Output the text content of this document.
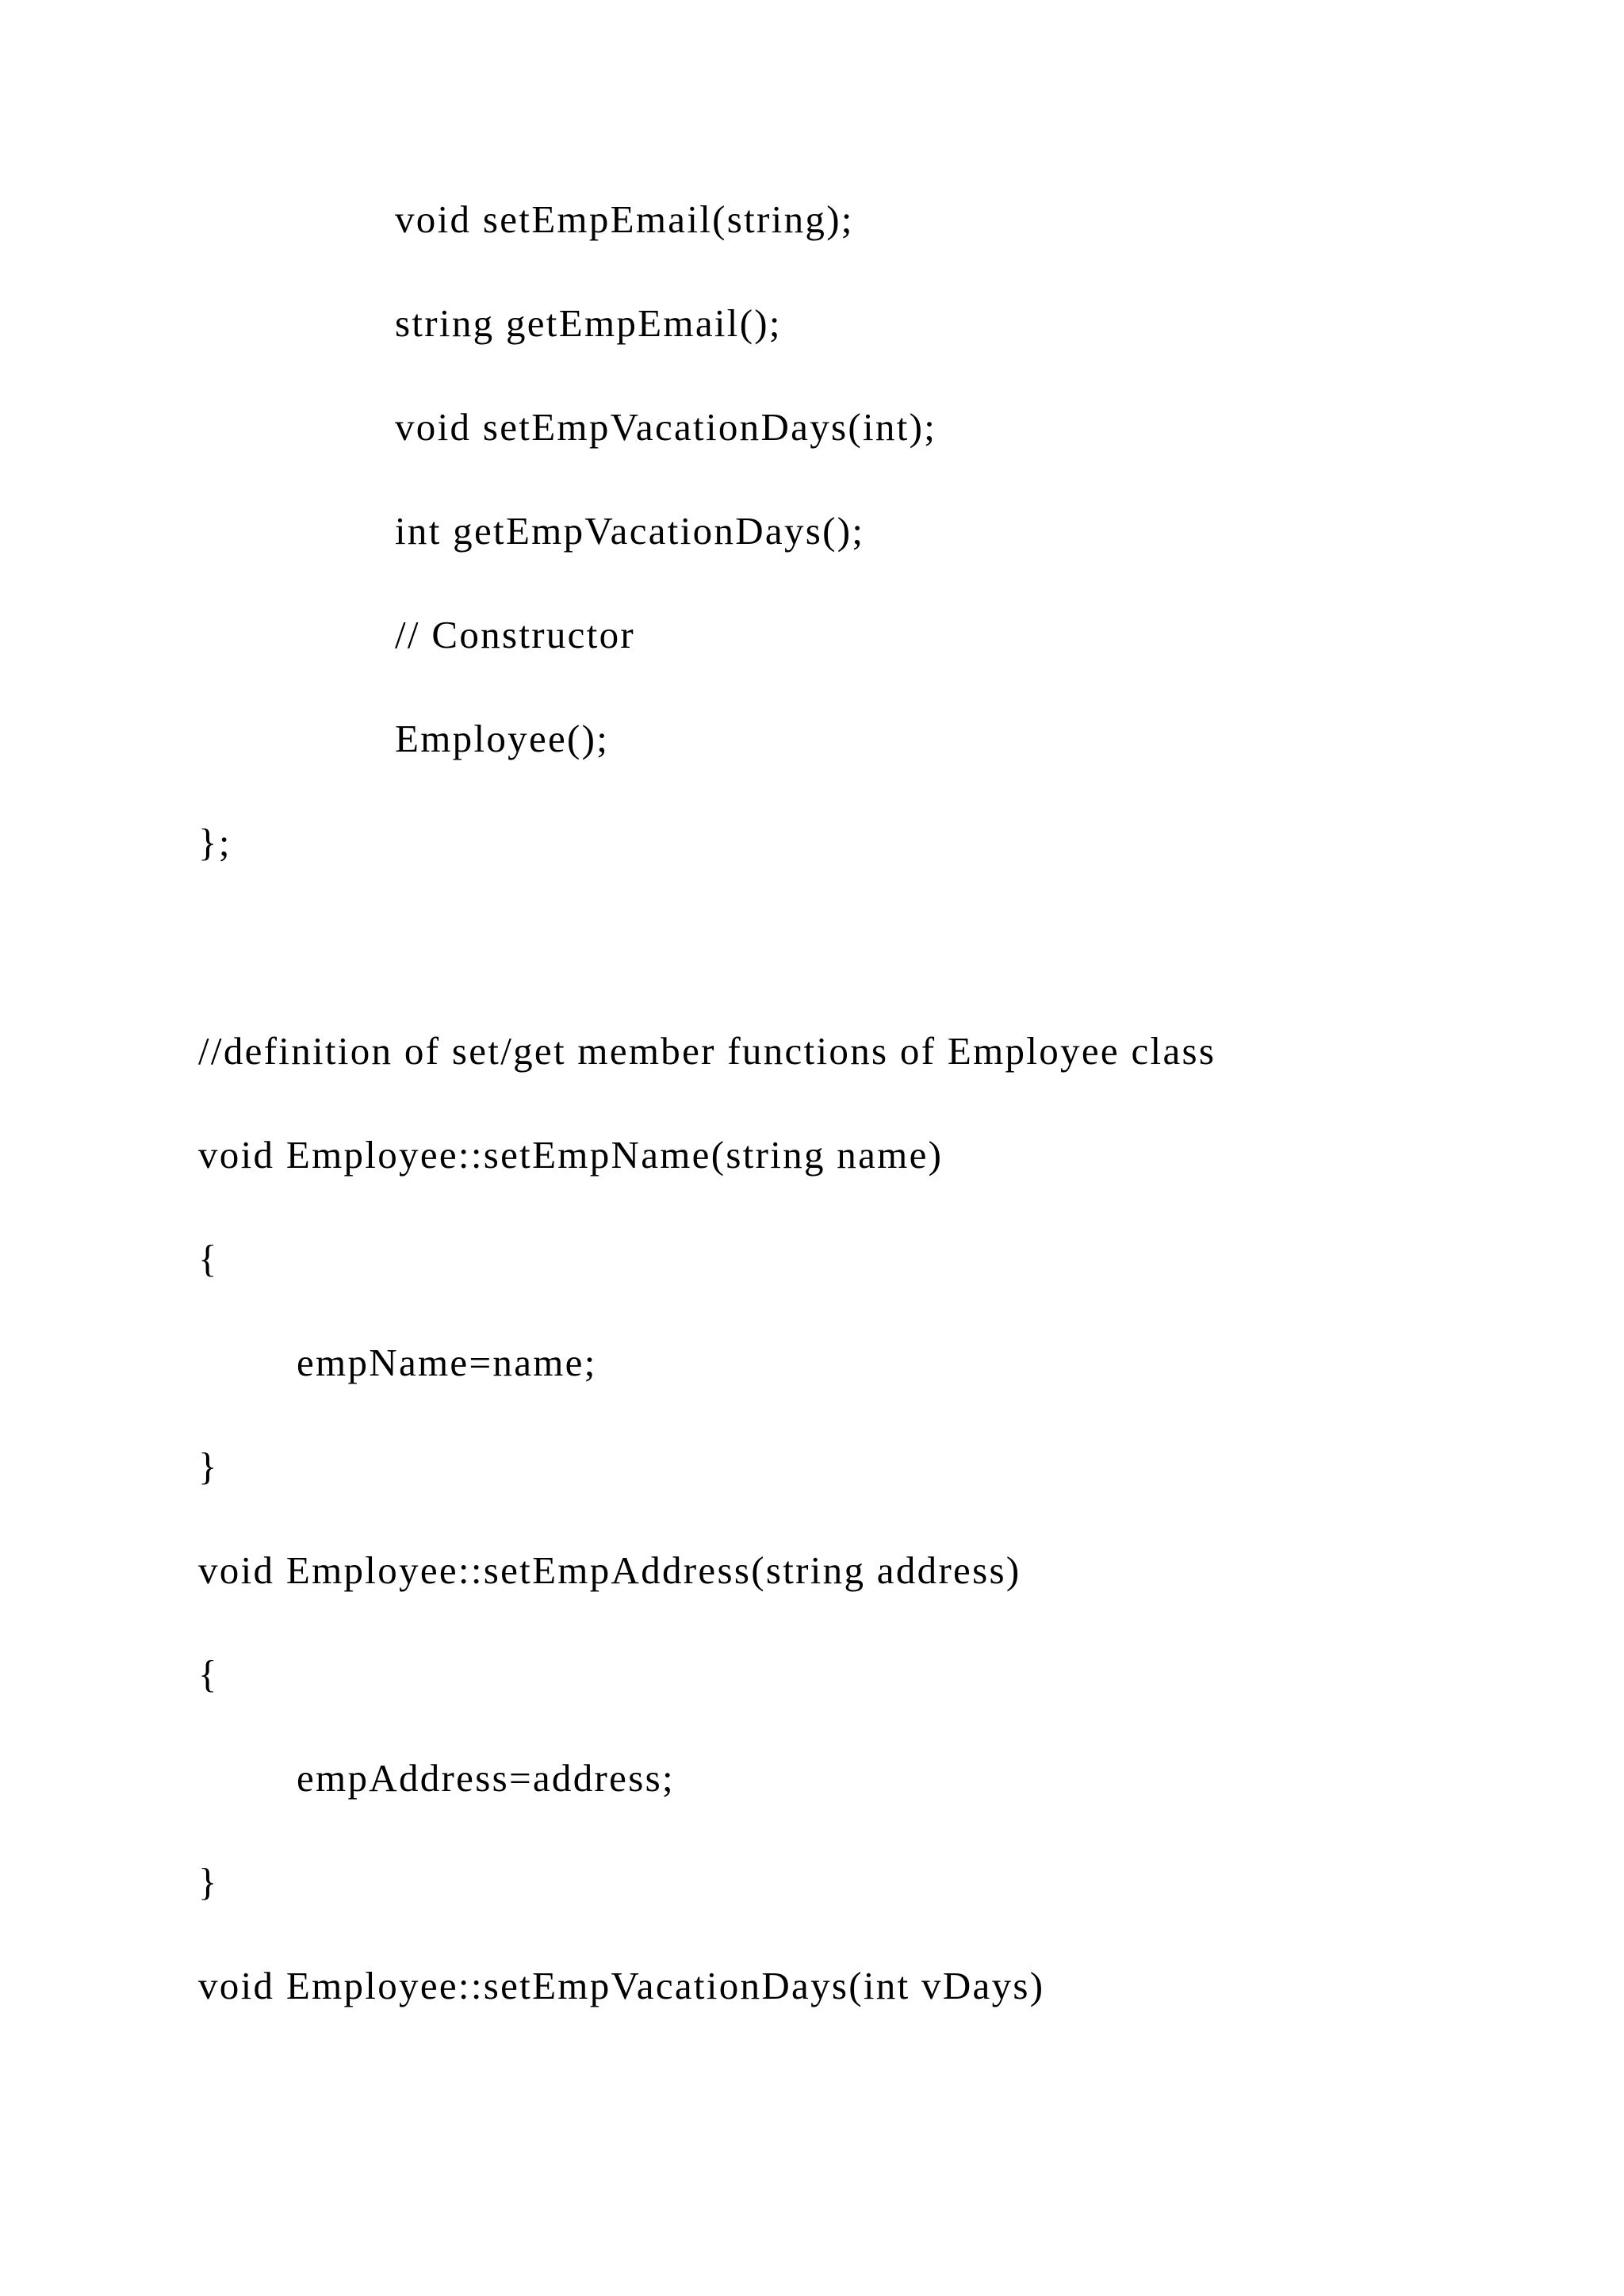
void setEmpEmail(string);

string getEmpEmail();

void setEmpVacationDays(int);

int getEmpVacationDays();

// Constructor

Employee();

};

//definition of set/get member functions of Employee class

void Employee::setEmpName(string name)

{

empName=name;

}

void Employee::setEmpAddress(string address)

{

empAddress=address;

}

void Employee::setEmpVacationDays(int vDays)
